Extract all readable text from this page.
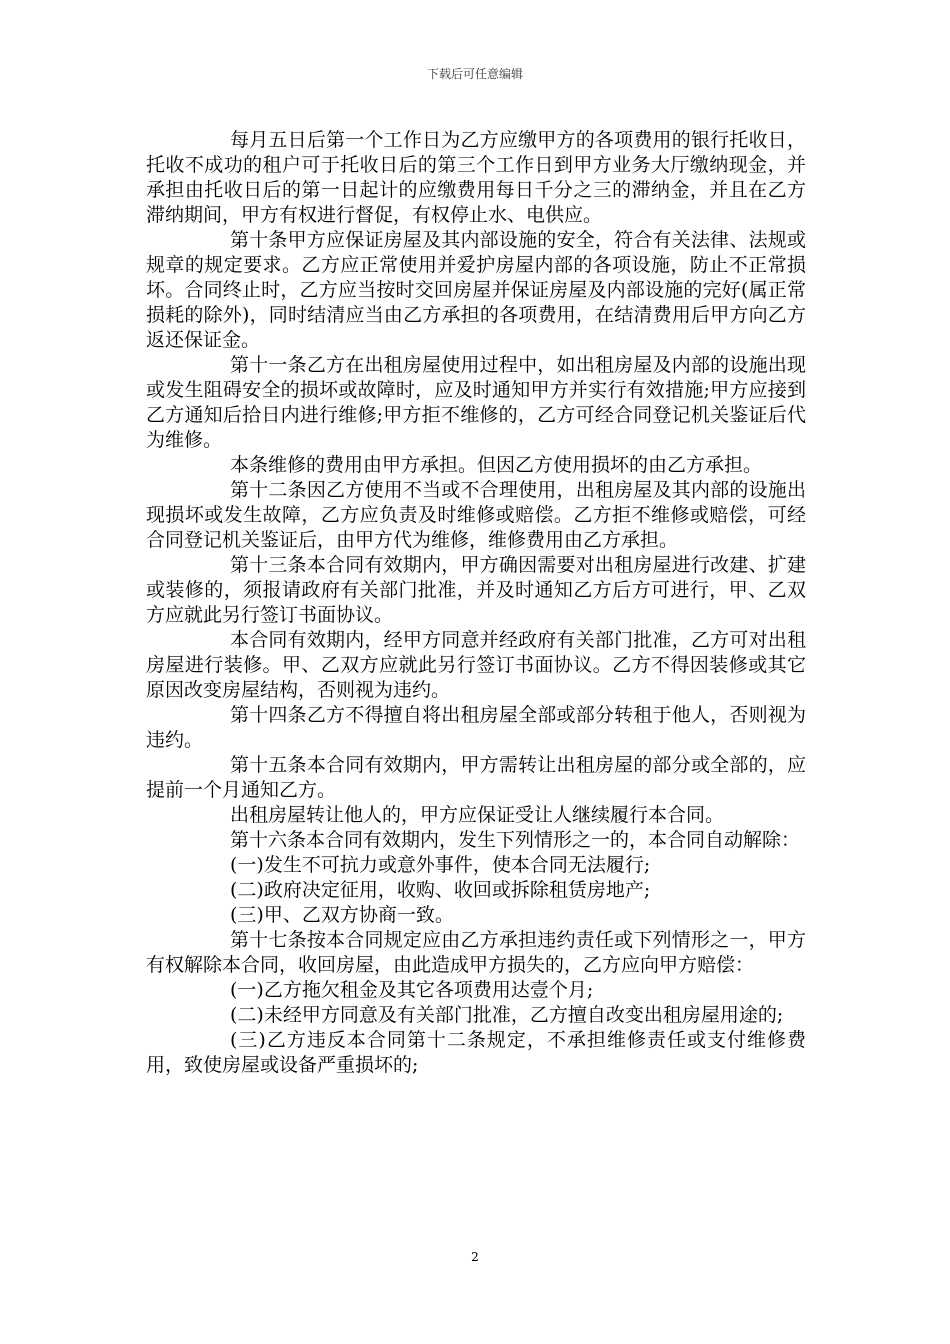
下载后可任意编辑

每月五日后第一个工作日为乙方应缴甲方的各项费用的银行托收日，托收不成功的租户可于托收日后的第三个工作日到甲方业务大厅缴纳现金，并承担由托收日后的第一日起计的应缴费用每日千分之三的滞纳金，并且在乙方滞纳期间，甲方有权进行督促，有权停止水、电供应。

第十条甲方应保证房屋及其内部设施的安全，符合有关法律、法规或规章的规定要求。乙方应正常使用并爱护房屋内部的各项设施，防止不正常损坏。合同终止时，乙方应当按时交回房屋并保证房屋及内部设施的完好(属正常损耗的除外)，同时结清应当由乙方承担的各项费用，在结清费用后甲方向乙方返还保证金。

第十一条乙方在出租房屋使用过程中，如出租房屋及内部的设施出现或发生阻碍安全的损坏或故障时，应及时通知甲方并实行有效措施;甲方应接到乙方通知后拾日内进行维修;甲方拒不维修的，乙方可经合同登记机关鉴证后代为维修。

本条维修的费用由甲方承担。但因乙方使用损坏的由乙方承担。

第十二条因乙方使用不当或不合理使用，出租房屋及其内部的设施出现损坏或发生故障，乙方应负责及时维修或赔偿。乙方拒不维修或赔偿，可经合同登记机关鉴证后，由甲方代为维修，维修费用由乙方承担。

第十三条本合同有效期内，甲方确因需要对出租房屋进行改建、扩建或装修的，须报请政府有关部门批准，并及时通知乙方后方可进行，甲、乙双方应就此另行签订书面协议。

本合同有效期内，经甲方同意并经政府有关部门批准，乙方可对出租房屋进行装修。甲、乙双方应就此另行签订书面协议。乙方不得因装修或其它原因改变房屋结构，否则视为违约。

第十四条乙方不得擅自将出租房屋全部或部分转租于他人，否则视为违约。

第十五条本合同有效期内，甲方需转让出租房屋的部分或全部的，应提前一个月通知乙方。

出租房屋转让他人的，甲方应保证受让人继续履行本合同。

第十六条本合同有效期内，发生下列情形之一的，本合同自动解除：

(一)发生不可抗力或意外事件，使本合同无法履行;

(二)政府决定征用，收购、收回或拆除租赁房地产;

(三)甲、乙双方协商一致。

第十七条按本合同规定应由乙方承担违约责任或下列情形之一，甲方有权解除本合同，收回房屋，由此造成甲方损失的，乙方应向甲方赔偿：

(一)乙方拖欠租金及其它各项费用达壹个月;

(二)未经甲方同意及有关部门批准，乙方擅自改变出租房屋用途的;

(三)乙方违反本合同第十二条规定，不承担维修责任或支付维修费用，致使房屋或设备严重损坏的;

2
